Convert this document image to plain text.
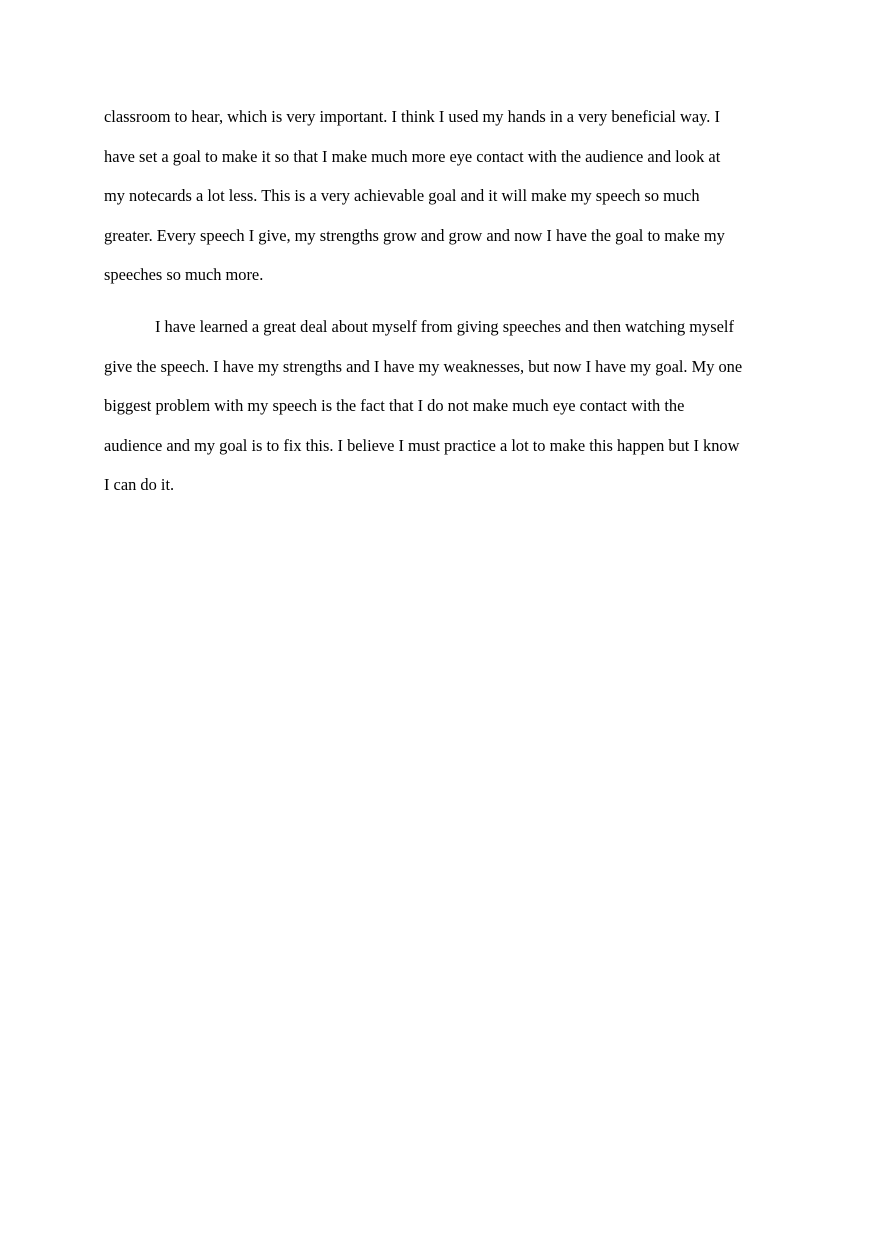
classroom to hear, which is very important. I think I used my hands in a very beneficial way. I
have set a goal to make it so that I make much more eye contact with the audience and look at
my notecards a lot less. This is a very achievable goal and it will make my speech so much
greater. Every speech I give, my strengths grow and grow and now I have the goal to make my
speeches so much more.
I have learned a great deal about myself from giving speeches and then watching myself
give the speech. I have my strengths and I have my weaknesses, but now I have my goal. My one
biggest problem with my speech is the fact that I do not make much eye contact with the
audience and my goal is to fix this. I believe I must practice a lot to make this happen but I know
I can do it.
